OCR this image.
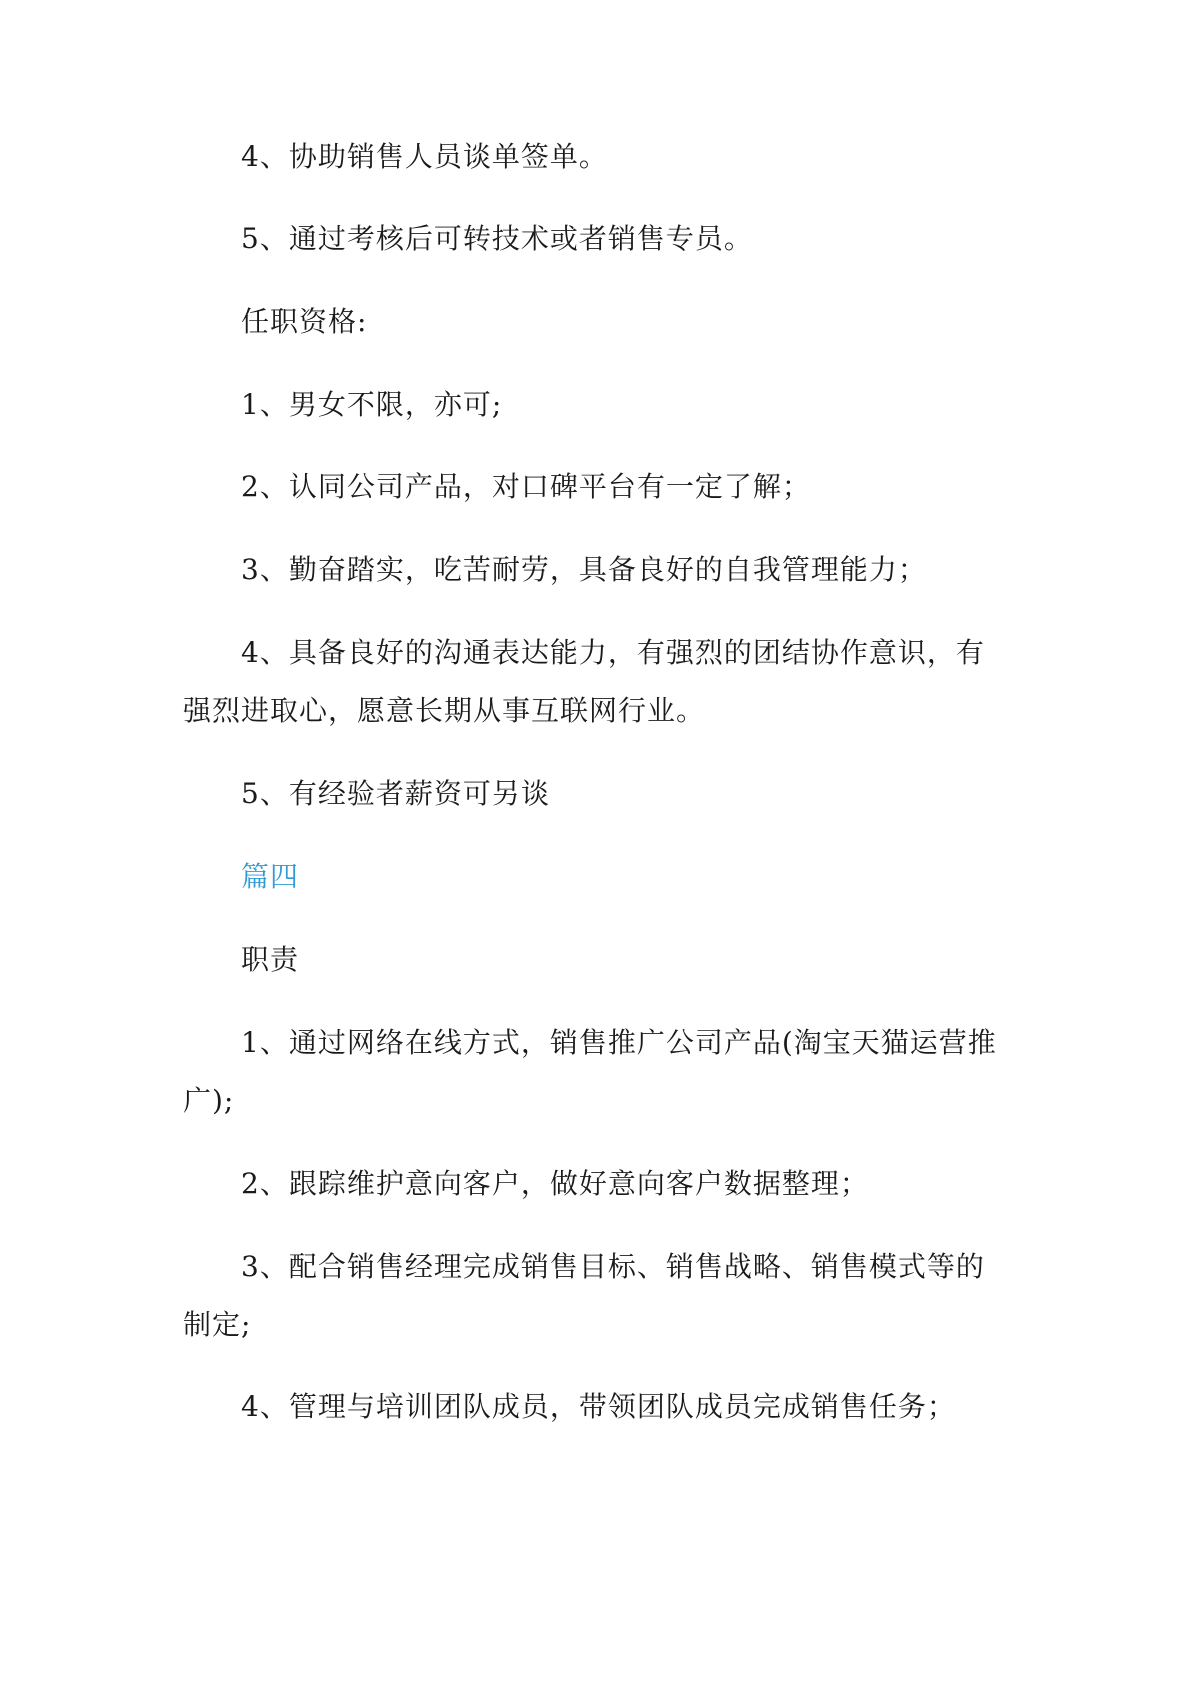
4、协助销售人员谈单签单。
5、通过考核后可转技术或者销售专员。
任职资格:
1、男女不限，亦可;
2、认同公司产品，对口碑平台有一定了解；
3、勤奋踏实，吃苦耐劳，具备良好的自我管理能力；
4、具备良好的沟通表达能力，有强烈的团结协作意识，有
强烈进取心，愿意长期从事互联网行业。
5、有经验者薪资可另谈
篇四
职责
1、通过网络在线方式，销售推广公司产品(淘宝天猫运营推
广);
2、跟踪维护意向客户，做好意向客户数据整理；
3、配合销售经理完成销售目标、销售战略、销售模式等的
制定;
4、管理与培训团队成员，带领团队成员完成销售任务；
